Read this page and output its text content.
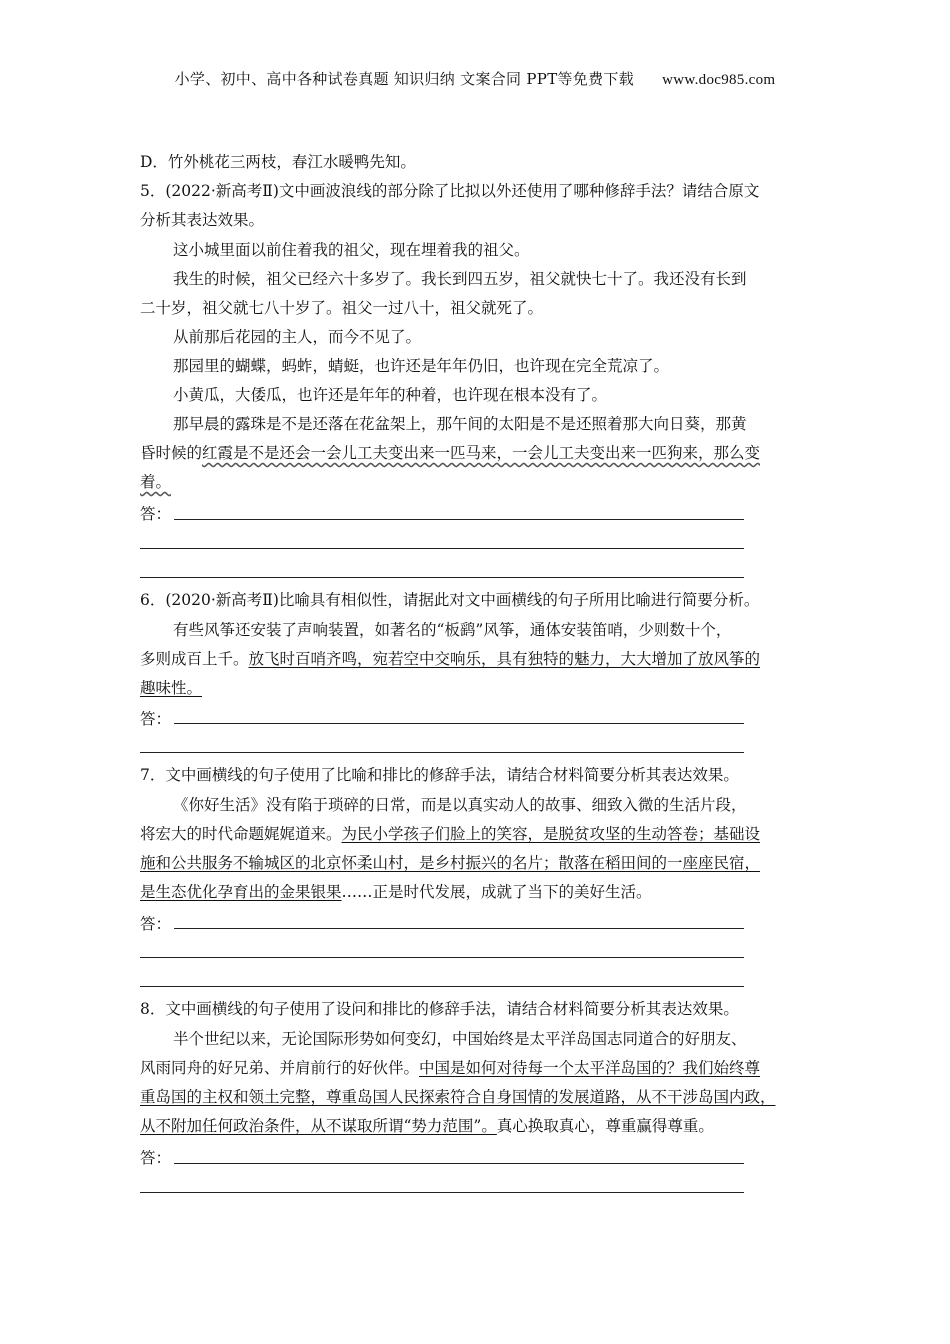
小学、初中、高中各种试卷真题 知识归纳 文案合同 PPT等免费下载 www.doc985.com
D．竹外桃花三两枝，春江水暖鸭先知。
5．(2022·新高考Ⅱ)文中画波浪线的部分除了比拟以外还使用了哪种修辞手法？请结合原文
分析其表达效果。
这小城里面以前住着我的祖父，现在埋着我的祖父。
我生的时候，祖父已经六十多岁了。我长到四五岁，祖父就快七十了。我还没有长到
二十岁，祖父就七八十岁了。祖父一过八十，祖父就死了。
从前那后花园的主人，而今不见了。
那园里的蝴蝶，蚂蚱，蜻蜓，也许还是年年仍旧，也许现在完全荒凉了。
小黄瓜，大倭瓜，也许还是年年的种着，也许现在根本没有了。
那早晨的露珠是不是还落在花盆架上，那午间的太阳是不是还照着那大向日葵，那黄
昏时候的红霞是不是还会一会儿工夫变出来一匹马来，一会儿工夫变出来一匹狗来，那么变
着。
答：
6．(2020·新高考Ⅱ)比喻具有相似性，请据此对文中画横线的句子所用比喻进行简要分析。
有些风筝还安装了声响装置，如著名的“板鹞”风筝，通体安装笛哨，少则数十个，
多则成百上千。放飞时百哨齐鸣，宛若空中交响乐，具有独特的魅力，大大增加了放风筝的
趣味性。
答：
7．文中画横线的句子使用了比喻和排比的修辞手法，请结合材料简要分析其表达效果。
《你好生活》没有陷于琐碎的日常，而是以真实动人的故事、细致入微的生活片段，
将宏大的时代命题娓娓道来。为民小学孩子们脸上的笑容，是脱贫攻坚的生动答卷；基础设
施和公共服务不输城区的北京怀柔山村，是乡村振兴的名片；散落在稻田间的一座座民宿，
是生态优化孕育出的金果银果……正是时代发展，成就了当下的美好生活。
答：
8．文中画横线的句子使用了设问和排比的修辞手法，请结合材料简要分析其表达效果。
半个世纪以来，无论国际形势如何变幻，中国始终是太平洋岛国志同道合的好朋友、
风雨同舟的好兄弟、并肩前行的好伙伴。中国是如何对待每一个太平洋岛国的？我们始终尊
重岛国的主权和领土完整，尊重岛国人民探索符合自身国情的发展道路，从不干涉岛国内政，
从不附加任何政治条件，从不谋取所谓“势力范围”。真心换取真心，尊重赢得尊重。
答：
